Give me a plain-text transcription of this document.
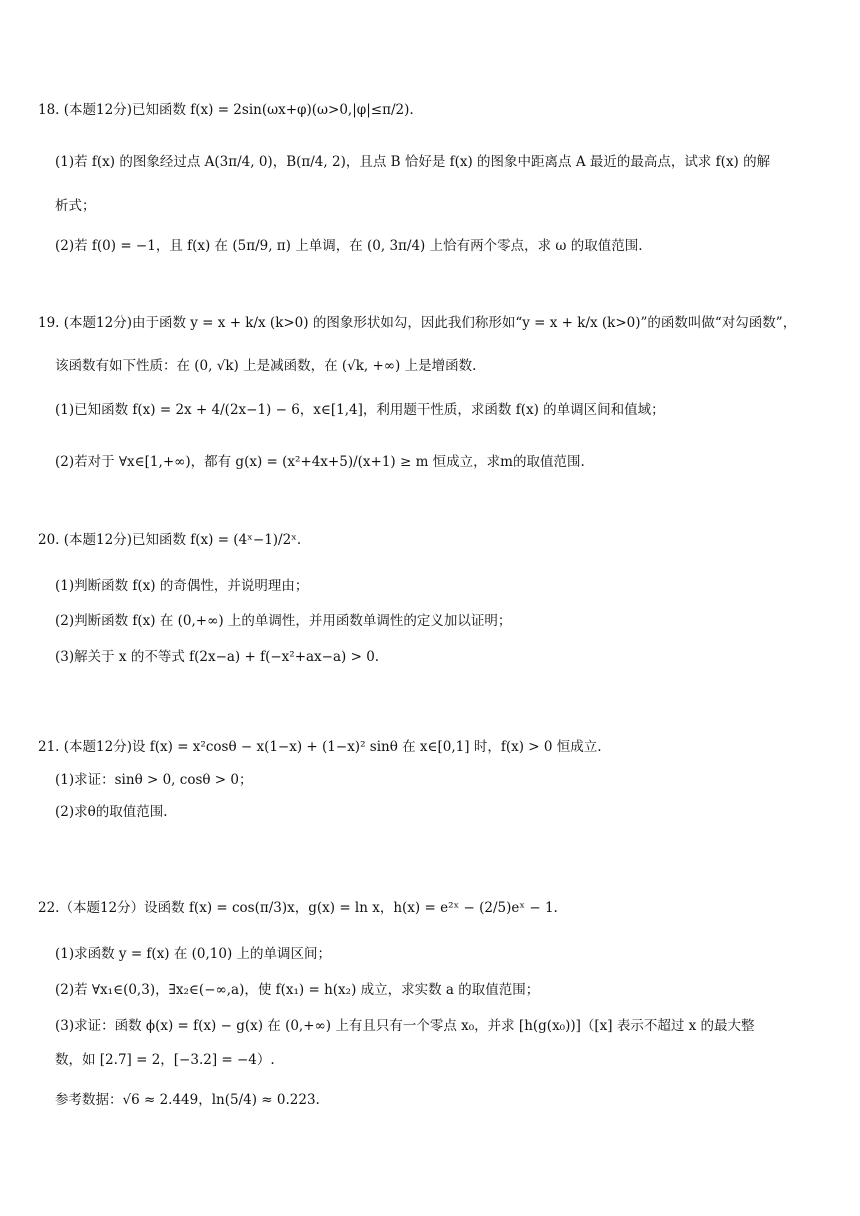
18. (本题12分)已知函数 f(x) = 2sin(ωx+φ)(ω>0,|φ|≤π/2).
(1)若 f(x) 的图象经过点 A(3π/4, 0)，B(π/4, 2)，且点 B 恰好是 f(x) 的图象中距离点 A 最近的最高点，试求 f(x) 的解
析式；
(2)若 f(0) = −1，且 f(x) 在 (5π/9, π) 上单调，在 (0, 3π/4) 上恰有两个零点，求 ω 的取值范围.
19. (本题12分)由于函数 y = x + k/x (k>0) 的图象形状如勾，因此我们称形如“y = x + k/x (k>0)”的函数叫做“对勾函数”，
该函数有如下性质：在 (0, √k) 上是减函数，在 (√k, +∞) 上是增函数.
(1)已知函数 f(x) = 2x + 4/(2x−1) − 6，x∈[1,4]，利用题干性质，求函数 f(x) 的单调区间和值域；
(2)若对于 ∀x∈[1,+∞)，都有 g(x) = (x²+4x+5)/(x+1) ≥ m 恒成立，求m的取值范围.
20. (本题12分)已知函数 f(x) = (4ˣ−1)/2ˣ.
(1)判断函数 f(x) 的奇偶性，并说明理由；
(2)判断函数 f(x) 在 (0,+∞) 上的单调性，并用函数单调性的定义加以证明；
(3)解关于 x 的不等式 f(2x−a) + f(−x²+ax−a) > 0.
21. (本题12分)设 f(x) = x²cosθ − x(1−x) + (1−x)² sinθ 在 x∈[0,1] 时，f(x) > 0 恒成立.
(1)求证：sinθ > 0, cosθ > 0；
(2)求θ的取值范围.
22.（本题12分）设函数 f(x) = cos(π/3)x，g(x) = ln x，h(x) = e²ˣ − (2/5)eˣ − 1.
(1)求函数 y = f(x) 在 (0,10) 上的单调区间；
(2)若 ∀x₁∈(0,3)，∃x₂∈(−∞,a)，使 f(x₁) = h(x₂) 成立，求实数 a 的取值范围；
(3)求证：函数 ϕ(x) = f(x) − g(x) 在 (0,+∞) 上有且只有一个零点 x₀，并求 [h(g(x₀))]（[x] 表示不超过 x 的最大整
数，如 [2.7] = 2，[−3.2] = −4）.
参考数据：√6 ≈ 2.449，ln(5/4) ≈ 0.223.
